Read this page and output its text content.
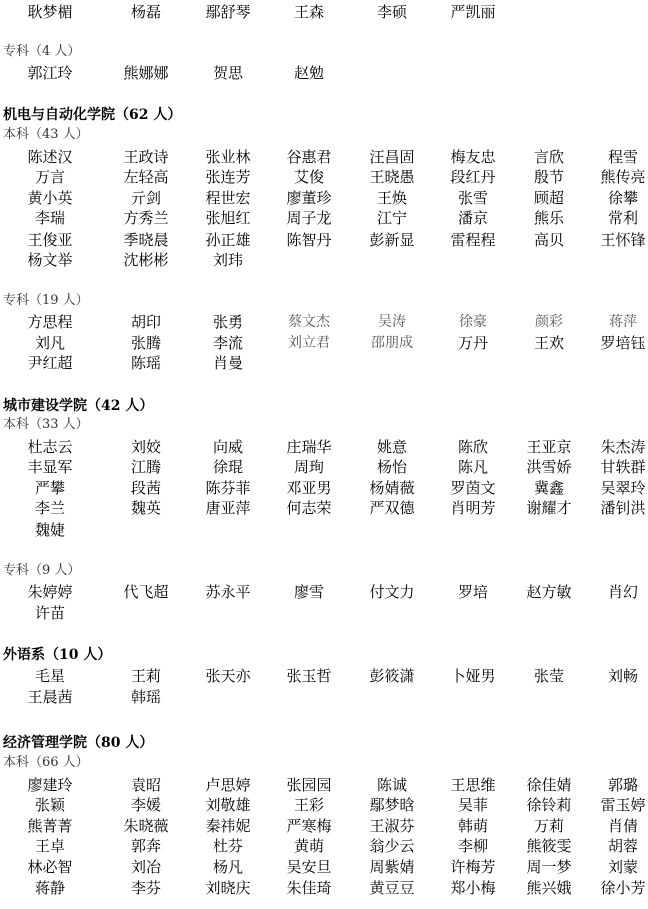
耿梦楣	杨磊	鄢舒琴	王森	李硕	严凯丽
专科（4 人）
郭江玲	熊娜娜	贺思	赵勉
机电与自动化学院（62 人）
本科（43 人）
陈述汉	王政诗	张业林	谷惠君	汪昌固	梅友忠	言欣	程雪
万言	左轻高	张连芳	艾俊	王晓愚	段红丹	殷节	熊传亮
黄小英	亓剑	程世宏	廖董珍	王焕	张雪	顾超	徐攀
李瑞	方秀兰	张旭红	周子龙	江宁	潘京	熊乐	常利
王俊亚	季晓晨	孙正雄	陈智丹	彭新显	雷程程	高贝	王怀锋
杨文举	沈彬彬	刘玮
专科（19 人）
方思程	胡印	张勇	蔡文杰	吴涛	徐豪	颜彩	蒋萍
刘凡	张腾	李流	刘立君	邵朋成	万丹	王欢	罗培钰
尹红超	陈瑶	肖曼
城市建设学院（42 人）
本科（33 人）
杜志云	刘姣	向威	庄瑞华	姚意	陈欣	王亚京	朱杰涛
丰显军	江腾	徐琨	周珣	杨怡	陈凡	洪雪娇	甘轶群
严攀	段茜	陈芬菲	邓亚男	杨婧薇	罗茵文	冀鑫	吴翠玲
李兰	魏英	唐亚萍	何志荣	严双德	肖明芳	谢耀才	潘钊洪
魏婕
专科（9 人）
朱婷婷	代飞超	苏永平	廖雪	付文力	罗培	赵方敏	肖幻
许苗
外语系（10 人）
毛星	王莉	张天亦	张玉哲	彭筱潇	卜娅男	张莹	刘畅
王晨茜	韩瑶
经济管理学院（80 人）
本科（66 人）
廖建玲	袁昭	卢思婷	张园园	陈诚	王思维	徐佳婧	郭璐
张颖	李媛	刘敬雄	王彩	鄢梦晗	吴菲	徐铃莉	雷玉婷
熊菁菁	朱晓薇	秦祎妮	严寒梅	王淑芬	韩萌	万莉	肖倩
王卓	郭奔	杜芬	黄萌	翁少云	李柳	熊筱雯	胡蓉
林必智	刘冶	杨凡	吴安旦	周紫婧	许梅芳	周一梦	刘蒙
蒋静	李芬	刘晓庆	朱佳琦	黄豆豆	郑小梅	熊兴娥	徐小芳
